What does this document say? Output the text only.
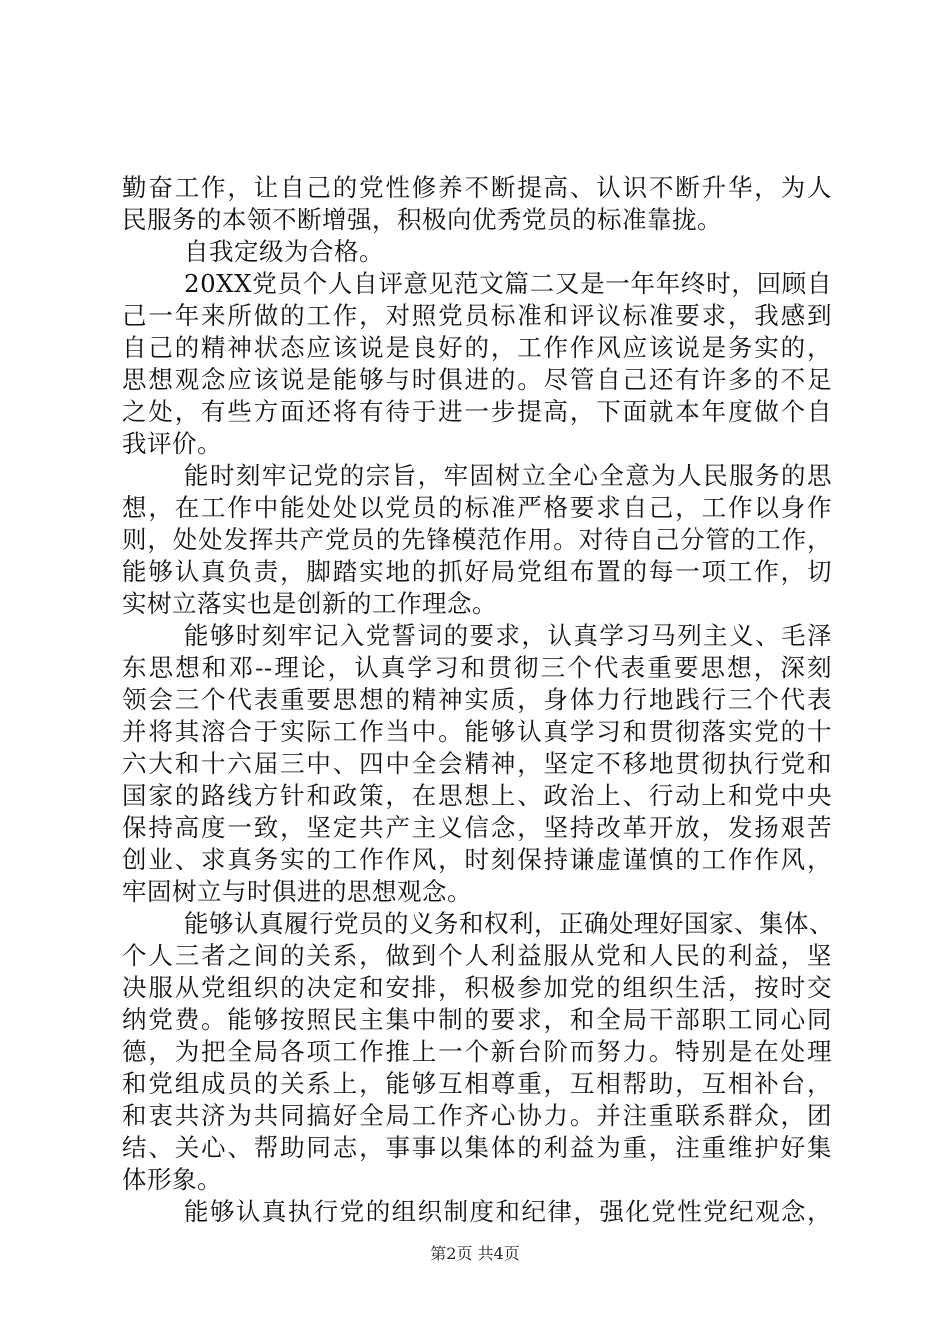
勤奋工作，让自己的党性修养不断提高、认识不断升华，为人
民服务的本领不断增强，积极向优秀党员的标准靠拢。
自我定级为合格。
20XX党员个人自评意见范文篇二又是一年年终时，回顾自
己一年来所做的工作，对照党员标准和评议标准要求，我感到
自己的精神状态应该说是良好的，工作作风应该说是务实的，
思想观念应该说是能够与时俱进的。尽管自己还有许多的不足
之处，有些方面还将有待于进一步提高，下面就本年度做个自
我评价。
能时刻牢记党的宗旨，牢固树立全心全意为人民服务的思
想，在工作中能处处以党员的标准严格要求自己，工作以身作
则，处处发挥共产党员的先锋模范作用。对待自己分管的工作，
能够认真负责，脚踏实地的抓好局党组布置的每一项工作，切
实树立落实也是创新的工作理念。
能够时刻牢记入党誓词的要求，认真学习马列主义、毛泽
东思想和邓--理论，认真学习和贯彻三个代表重要思想，深刻
领会三个代表重要思想的精神实质，身体力行地践行三个代表
并将其溶合于实际工作当中。能够认真学习和贯彻落实党的十
六大和十六届三中、四中全会精神，坚定不移地贯彻执行党和
国家的路线方针和政策，在思想上、政治上、行动上和党中央
保持高度一致，坚定共产主义信念，坚持改革开放，发扬艰苦
创业、求真务实的工作作风，时刻保持谦虚谨慎的工作作风，
牢固树立与时俱进的思想观念。
能够认真履行党员的义务和权利，正确处理好国家、集体、
个人三者之间的关系，做到个人利益服从党和人民的利益，坚
决服从党组织的决定和安排，积极参加党的组织生活，按时交
纳党费。能够按照民主集中制的要求，和全局干部职工同心同
德，为把全局各项工作推上一个新台阶而努力。特别是在处理
和党组成员的关系上，能够互相尊重，互相帮助，互相补台，
和衷共济为共同搞好全局工作齐心协力。并注重联系群众，团
结、关心、帮助同志，事事以集体的利益为重，注重维护好集
体形象。
能够认真执行党的组织制度和纪律，强化党性党纪观念，
第2页 共4页
